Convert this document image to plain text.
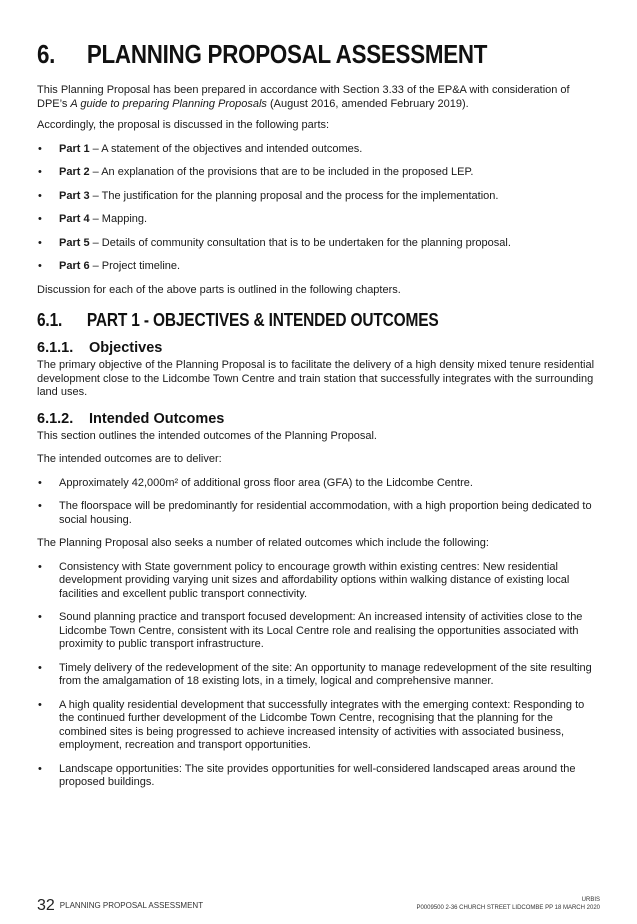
6. PLANNING PROPOSAL ASSESSMENT

This Planning Proposal has been prepared in accordance with Section 3.33 of the EP&A with consideration of DPE’s A guide to preparing Planning Proposals (August 2016, amended February 2019).

Accordingly, the proposal is discussed in the following parts:

• Part 1 – A statement of the objectives and intended outcomes.
• Part 2 – An explanation of the provisions that are to be included in the proposed LEP.
• Part 3 – The justification for the planning proposal and the process for the implementation.
• Part 4 – Mapping.
• Part 5 – Details of community consultation that is to be undertaken for the planning proposal.
• Part 6 – Project timeline.

Discussion for each of the above parts is outlined in the following chapters.

6.1. PART 1 - OBJECTIVES & INTENDED OUTCOMES
6.1.1. Objectives

The primary objective of the Planning Proposal is to facilitate the delivery of a high density mixed tenure residential development close to the Lidcombe Town Centre and train station that successfully integrates with the surrounding land uses.

6.1.2. Intended Outcomes

This section outlines the intended outcomes of the Planning Proposal.

The intended outcomes are to deliver:

• Approximately 42,000m² of additional gross floor area (GFA) to the Lidcombe Centre.
• The floorspace will be predominantly for residential accommodation, with a high proportion being dedicated to social housing.

The Planning Proposal also seeks a number of related outcomes which include the following:

• Consistency with State government policy to encourage growth within existing centres: New residential development providing varying unit sizes and affordability options within walking distance of existing local facilities and excellent public transport connectivity.
• Sound planning practice and transport focused development: An increased intensity of activities close to the Lidcombe Town Centre, consistent with its Local Centre role and realising the opportunities associated with proximity to public transport infrastructure.
• Timely delivery of the redevelopment of the site: An opportunity to manage redevelopment of the site resulting from the amalgamation of 18 existing lots, in a timely, logical and comprehensive manner.
• A high quality residential development that successfully integrates with the emerging context: Responding to the continued further development of the Lidcombe Town Centre, recognising that the planning for the combined sites is being progressed to achieve increased intensity of activities with associated business, employment, recreation and transport opportunities.
• Landscape opportunities: The site provides opportunities for well-considered landscaped areas around the proposed buildings.
32 PLANNING PROPOSAL ASSESSMENT
URBIS
P0009500 2-36 CHURCH STREET LIDCOMBE PP 18 MARCH 2020
